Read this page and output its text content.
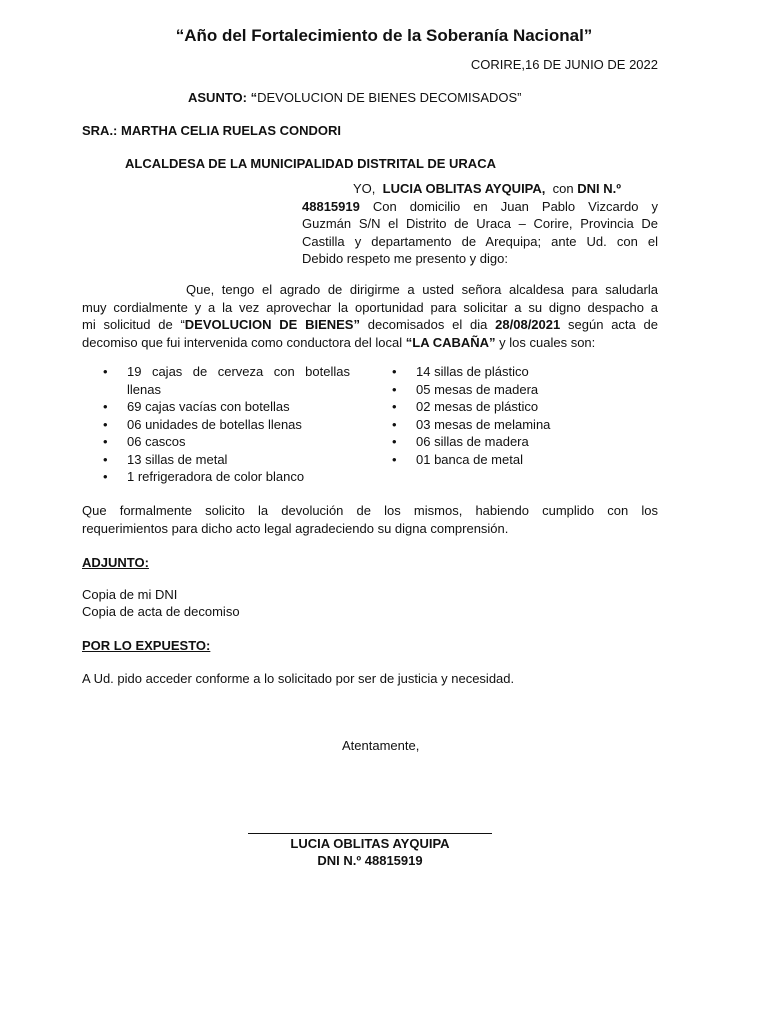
“Año del Fortalecimiento de la Soberanía Nacional”
CORIRE,16 DE JUNIO DE 2022
ASUNTO: “DEVOLUCION DE BIENES DECOMISADOS”
SRA.: MARTHA CELIA RUELAS CONDORI
ALCALDESA DE LA MUNICIPALIDAD DISTRITAL DE URACA
YO, LUCIA OBLITAS AYQUIPA, con DNI N.º
48815919 Con domicilio en Juan Pablo Vizcardo y
Guzmán S/N el Distrito de Uraca – Corire, Provincia De
Castilla y departamento de Arequipa; ante Ud. con el
Debido respeto me presento y digo:
Que, tengo el agrado de dirigirme a usted señora alcaldesa para saludarla
muy cordialmente y a la vez aprovechar la oportunidad para solicitar a su digno despacho a
mi solicitud de “DEVOLUCION DE BIENES” decomisados el dia 28/08/2021 según acta de
decomiso que fui intervenida como conductora del local “LA CABAÑA” y los cuales son:
• 19 cajas de cerveza con botellas
llenas
• 69 cajas vacías con botellas
• 06 unidades de botellas llenas
• 06 cascos
• 13 sillas de metal
• 1 refrigeradora de color blanco
• 14 sillas de plástico
• 05 mesas de madera
• 02 mesas de plástico
• 03 mesas de melamina
• 06 sillas de madera
• 01 banca de metal
Que formalmente solicito la devolución de los mismos, habiendo cumplido con los
requerimientos para dicho acto legal agradeciendo su digna comprensión.
ADJUNTO:
Copia de mi DNI
Copia de acta de decomiso
POR LO EXPUESTO:
A Ud. pido acceder conforme a lo solicitado por ser de justicia y necesidad.
Atentamente,
LUCIA OBLITAS AYQUIPA
DNI N.º 48815919
